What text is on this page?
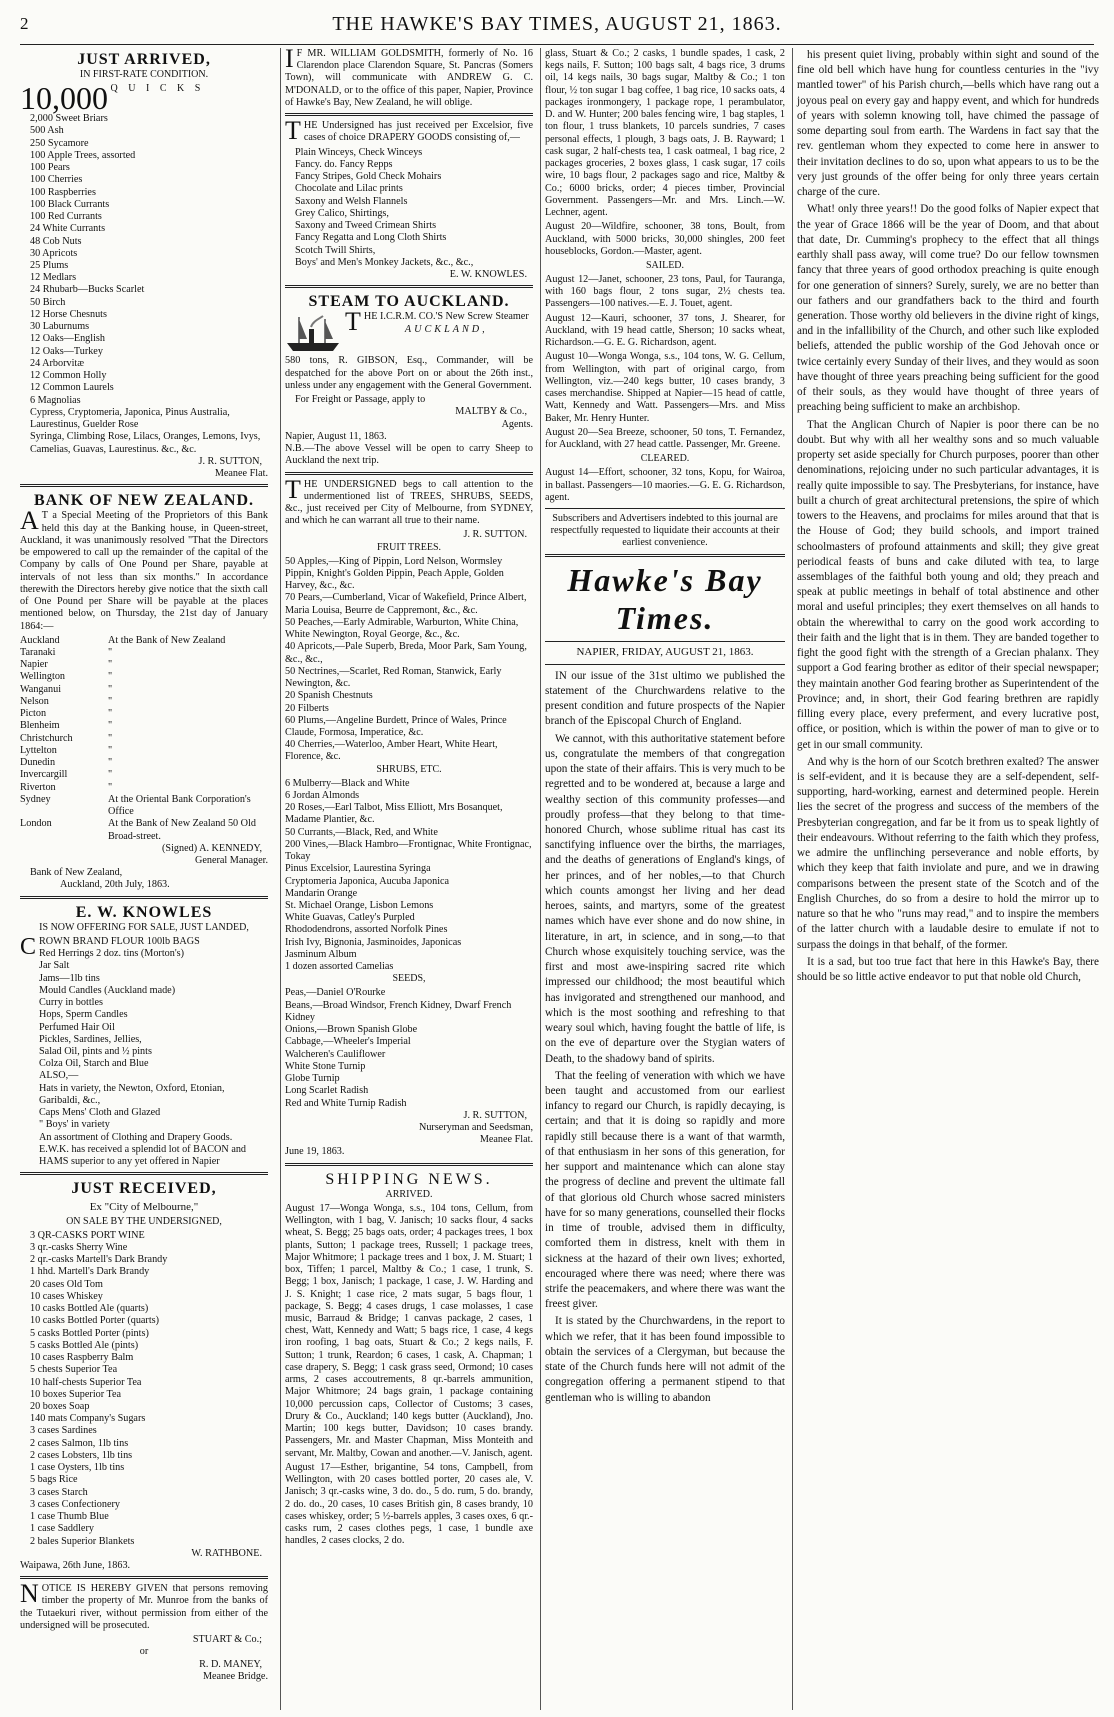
2	THE HAWKE'S BAY TIMES, AUGUST 21, 1863.
JUST ARRIVED,
IN FIRST-RATE CONDITION.
10,000 Q U I C K S
2,000 Sweet Briars
500 Ash
250 Sycamore
100 Apple Trees, assorted
100 Pears
100 Cherries
100 Raspberries
100 Black Currants
100 Red Currants
24 White Currants
48 Cob Nuts
30 Apricots
25 Plums
12 Medlars
24 Rhubarb—Bucks Scarlet
50 Birch
12 Horse Chesnuts
30 Laburnums
12 Oaks—English
12 Oaks—Turkey
24 Arborvitæ
12 Common Holly
12 Common Laurels
6 Magnolias
Cypress, Cryptomeria, Japonica, Pinus Australia, Laurestinus, Guelder Rose
Syringa, Climbing Rose, Lilacs, Oranges, Lemons, Ivys, Camelias, Guavas, Laurestinus. &c., &c.
J. R. SUTTON,
Meanee Flat.
BANK OF NEW ZEALAND.

A T a Special Meeting of the Proprietors of this Bank held this day at the Banking house, in Queen-street, Auckland, it was unanimously resolved "That the Directors be empowered to call up the remainder of the capital of the Company by calls of One Pound per Share, payable at intervals of not less than six months." In accordance therewith the Directors hereby give notice that the sixth call of One Pound per Share will be payable at the places mentioned below, on Thursday, the 21st day of January 1864:—

Auckland	At the Bank of New Zealand
Taranaki	"
Napier	"
Wellington	"
Wanganui	"
Nelson	"
Picton	"
Blenheim	"
Christchurch	"
Lyttelton	"
Dunedin	"
Invercargill	"
Riverton	"
Sydney	At the Oriental Bank Corporation's Office
London	At the Bank of New Zealand 50 Old Broad-street.
(Signed) A. KENNEDY,
General Manager.
Bank of New Zealand,
Auckland, 20th July, 1863.
E. W. KNOWLES
IS NOW OFFERING FOR SALE, JUST LANDED,
C ROWN BRAND FLOUR 100lb BAGS
Red Herrings 2 doz. tins (Morton's)
Jar Salt
Jams—1lb tins
Mould Candles (Auckland made)
Curry in bottles
Hops, Sperm Candles
Perfumed Hair Oil
Pickles, Sardines, Jellies,
Salad Oil, pints and ½ pints
Colza Oil, Starch and Blue
ALSO,—
Hats in variety, the Newton, Oxford, Etonian, Garibaldi, &c.,
Caps Mens' Cloth and Glazed
" Boys' in variety
An assortment of Clothing and Drapery Goods.
E.W.K. has received a splendid lot of BACON and HAMS superior to any yet offered in Napier
JUST RECEIVED,
Ex "City of Melbourne,"
ON SALE BY THE UNDERSIGNED,
3 QR-CASKS PORT WINE
3 qr.-casks Sherry Wine
2 qr.-casks Martell's Dark Brandy
1 hhd. Martell's Dark Brandy
20 cases Old Tom
10 cases Whiskey
10 casks Bottled Ale (quarts)
10 casks Bottled Porter (quarts)
5 casks Bottled Porter (pints)
5 casks Bottled Ale (pints)
10 cases Raspberry Balm
5 chests Superior Tea
10 half-chests Superior Tea
10 boxes Superior Tea
20 boxes Soap
140 mats Company's Sugars
3 cases Sardines
2 cases Salmon, 1lb tins
2 cases Lobsters, 1lb tins
1 case Oysters, 1lb tins
5 bags Rice
3 cases Starch
3 cases Confectionery
1 case Thumb Blue
1 case Saddlery
2 bales Superior Blankets
W. RATHBONE.
Waipawa, 26th June, 1863.

NOTICE IS HEREBY GIVEN that persons removing timber the property of Mr. Munroe from the banks of the Tutaekuri river, without permission from either of the undersigned will be prosecuted.

STUART & Co.;
or
R. D. MANEY,
Meanee Bridge.

I F MR. WILLIAM GOLDSMITH, formerly of No. 16 Clarendon place Clarendon Square, St. Pancras (Somers Town), will communicate with ANDREW G. C. M'DONALD, or to the office of this paper, Napier, Province of Hawke's Bay, New Zealand, he will oblige.

THE Undersigned has just received per Excelsior, five cases of choice DRAPERY GOODS consisting of,—

Plain Winceys, Check Winceys
Fancy. do. Fancy Repps
Fancy Stripes, Gold Check Mohairs
Chocolate and Lilac prints
Saxony and Welsh Flannels
Grey Calico, Shirtings,
Saxony and Tweed Crimean Shirts
Fancy Regatta and Long Cloth Shirts
Scotch Twill Shirts,
Boys' and Men's Monkey Jackets, &c., &c.,
E. W. KNOWLES.
STEAM TO AUCKLAND.
THE I.C.R.M. CO.'S New Screw Steamer
AUCKLAND,

580 tons, R. GIBSON, Esq., Commander, will be despatched for the above Port on or about the 26th inst., unless under any engagement with the General Government.

For Freight or Passage, apply to
MALTBY & Co.,
Agents.
Napier, August 11, 1863.

N.B.—The above Vessel will be open to carry Sheep to Auckland the next trip.

THE UNDERSIGNED begs to call attention to the undermentioned list of TREES, SHRUBS, SEEDS, &c., just received per City of Melbourne, from SYDNEY, and which he can warrant all true to their name.

J. R. SUTTON.
FRUIT TREES.
50 Apples,—King of Pippin, Lord Nelson, Wormsley Pippin, Knight's Golden Pippin, Peach Apple, Golden Harvey, &c., &c.
70 Pears,—Cumberland, Vicar of Wakefield, Prince Albert, Maria Louisa, Beurre de Cappremont, &c., &c.
50 Peaches,—Early Admirable, Warburton, White China, White Newington, Royal George, &c., &c.
40 Apricots,—Pale Superb, Breda, Moor Park, Sam Young, &c., &c.,
50 Nectrines,—Scarlet, Red Roman, Stanwick, Early Newington, &c.
20 Spanish Chestnuts
20 Filberts
60 Plums,—Angeline Burdett, Prince of Wales, Prince Claude, Formosa, Imperatice, &c.
40 Cherries,—Waterloo, Amber Heart, White Heart, Florence, &c.
SHRUBS, ETC.
6 Mulberry—Black and White
6 Jordan Almonds
20 Roses,—Earl Talbot, Miss Elliott, Mrs Bosanquet, Madame Plantier, &c.
50 Currants,—Black, Red, and White
200 Vines,—Black Hambro—Frontignac, White Frontignac, Tokay
Pinus Excelsior, Laurestina Syringa
Cryptomeria Japonica, Aucuba Japonica
Mandarin Orange
St. Michael Orange, Lisbon Lemons
White Guavas, Catley's Purpled
Rhododendrons, assorted Norfolk Pines
Irish Ivy, Bignonia, Jasminoides, Japonicas
Jasminum Album
1 dozen assorted Camelias
SEEDS,
Peas,—Daniel O'Rourke
Beans,—Broad Windsor, French Kidney, Dwarf French Kidney
Onions,—Brown Spanish Globe
Cabbage,—Wheeler's Imperial
Walcheren's Cauliflower
White Stone Turnip
Globe Turnip
Long Scarlet Radish
Red and White Turnip Radish
J. R. SUTTON,
Nurseryman and Seedsman,
Meanee Flat.
June 19, 1863.
SHIPPING NEWS.
ARRIVED.

August 17—Wonga Wonga, s.s., 104 tons, Cellum, from Wellington, with 1 bag, V. Janisch; 10 sacks flour, 4 sacks wheat, S. Begg; 25 bags oats, order; 4 packages trees, 1 box plants, Sutton; 1 package trees, Russell; 1 package trees, Major Whitmore; 1 package trees and 1 box, J. M. Stuart; 1 box, Tiffen; 1 parcel, Maltby & Co.; 1 case, 1 trunk, S. Begg; 1 box, Janisch; 1 package, 1 case, J. W. Harding and J. S. Knight; 1 case rice, 2 mats sugar, 5 bags flour, 1 package, S. Begg; 4 cases drugs, 1 case molasses, 1 case music, Barraud & Bridge; 1 canvas package, 2 cases, 1 chest, Watt, Kennedy and Watt; 5 bags rice, 1 case, 4 kegs iron roofing, 1 bag oats, Stuart & Co.; 2 kegs nails, F. Sutton; 1 trunk, Reardon; 6 cases, 1 cask, A. Chapman; 1 case drapery, S. Begg; 1 cask grass seed, Ormond; 10 cases arms, 2 cases accoutrements, 8 qr.-barrels ammunition, Major Whitmore; 24 bags grain, 1 package containing 10,000 percussion caps, Collector of Customs; 3 cases, Drury & Co., Auckland; 140 kegs butter (Auckland), Jno. Martin; 100 kegs butter, Davidson; 10 cases brandy. Passengers, Mr. and Master Chapman, Miss Monteith and servant, Mr. Maltby, Cowan and another.—V. Janisch, agent.

August 17—Esther, brigantine, 54 tons, Campbell, from Wellington, with 20 cases bottled porter, 20 cases ale, V. Janisch; 3 qr.-casks wine, 3 do. do., 5 do. rum, 5 do. brandy, 2 do. do., 20 cases, 10 cases British gin, 8 cases brandy, 10 cases whiskey, order; 5 ½-barrels apples, 3 cases oxes, 6 qr.-casks rum, 2 cases clothes pegs, 1 case, 1 bundle axe handles, 2 cases clocks, 2 do.

glass, Stuart & Co.; 2 casks, 1 bundle spades, 1 cask, 2 kegs nails, F. Sutton; 100 bags salt, 4 bags rice, 3 drums oil, 14 kegs nails, 30 bags sugar, Maltby & Co.; 1 ton flour, ½ ton sugar 1 bag coffee, 1 bag rice, 10 sacks oats, 4 packages ironmongery, 1 package rope, 1 perambulator, D. and W. Hunter; 200 bales fencing wire, 1 bag staples, 1 ton flour, 1 truss blankets, 10 parcels sundries, 7 cases personal effects, 1 plough, 3 bags oats, J. B. Rayward; 1 cask sugar, 2 half-chests tea, 1 cask oatmeal, 1 bag rice, 2 packages groceries, 2 boxes glass, 1 cask sugar, 17 coils wire, 10 bags flour, 2 packages sago and rice, Maltby & Co.; 6000 bricks, order; 4 pieces timber, Provincial Government. Passengers—Mr. and Mrs. Linch.—W. Lechner, agent.

August 20—Wildfire, schooner, 38 tons, Boult, from Auckland, with 5000 bricks, 30,000 shingles, 200 feet houseblocks, Gordon.—Master, agent.

SAILED.

August 12—Janet, schooner, 23 tons, Paul, for Tauranga, with 160 bags flour, 2 tons sugar, 2½ chests tea. Passengers—100 natives.—E. J. Touet, agent.

August 12—Kauri, schooner, 37 tons, J. Shearer, for Auckland, with 19 head cattle, Sherson; 10 sacks wheat, Richardson.—G. E. G. Richardson, agent.

August 10—Wonga Wonga, s.s., 104 tons, W. G. Cellum, from Wellington, with part of original cargo, from Wellington, viz.—240 kegs butter, 10 cases brandy, 3 cases merchandise. Shipped at Napier—15 head of cattle, Watt, Kennedy and Watt. Passengers—Mrs. and Miss Baker, Mr. Henry Hunter.

August 20—Sea Breeze, schooner, 50 tons, T. Fernandez, for Auckland, with 27 head cattle. Passenger, Mr. Greene.

CLEARED.

August 14—Effort, schooner, 32 tons, Kopu, for Wairoa, in ballast. Passengers—10 maories.—G. E. G. Richardson, agent.

Subscribers and Advertisers indebted to this journal are respectfully requested to liquidate their accounts at their earliest convenience.

Hawke's Bay Times.
NAPIER, FRIDAY, AUGUST 21, 1863.

IN our issue of the 31st ultimo we published the statement of the Churchwardens relative to the present condition and future prospects of the Napier branch of the Episcopal Church of England.

We cannot, with this authoritative statement before us, congratulate the members of that congregation upon the state of their affairs. This is very much to be regretted and to be wondered at, because a large and wealthy section of this community professes—and proudly profess—that they belong to that time-honored Church, whose sublime ritual has cast its sanctifying influence over the births, the marriages, and the deaths of generations of England's kings, of her princes, and of her nobles,—to that Church which counts amongst her living and her dead heroes, saints, and martyrs, some of the greatest names which have ever shone and do now shine, in literature, in art, in science, and in song,—to that Church whose exquisitely touching service, was the first and most awe-inspiring sacred rite which impressed our childhood; the most beautiful which has invigorated and strengthened our manhood, and which is the most soothing and refreshing to that weary soul which, having fought the battle of life, is on the eve of departure over the Stygian waters of Death, to the shadowy band of spirits.

That the feeling of veneration with which we have been taught and accustomed from our earliest infancy to regard our Church, is rapidly decaying, is certain; and that it is doing so rapidly and more rapidly still because there is a want of that warmth, of that enthusiasm in her sons of this generation, for her support and maintenance which can alone stay the progress of decline and prevent the ultimate fall of that glorious old Church whose sacred ministers have for so many generations, counselled their flocks in time of trouble, advised them in difficulty, comforted them in distress, knelt with them in sickness at the hazard of their own lives; exhorted, encouraged where there was need; where there was strife the peacemakers, and where there was want the freest giver.

It is stated by the Churchwardens, in the report to which we refer, that it has been found impossible to obtain the services of a Clergyman, but because the state of the Church funds here will not admit of the congregation offering a permanent stipend to that gentleman who is willing to abandon

his present quiet living, probably within sight and sound of the fine old bell which have hung for countless centuries in the "ivy mantled tower" of his Parish church,—bells which have rang out a joyous peal on every gay and happy event, and which for hundreds of years with solemn knowing toll, have chimed the passage of some departing soul from earth. The Wardens in fact say that the rev. gentleman whom they expected to come here in answer to their invitation declines to do so, upon what appears to us to be the very just grounds of the offer being for only three years certain charge of the cure.

What! only three years!! Do the good folks of Napier expect that the year of Grace 1866 will be the year of Doom, and that about that date, Dr. Cumming's prophecy to the effect that all things earthly shall pass away, will come true? Do our fellow townsmen fancy that three years of good orthodox preaching is quite enough for one generation of sinners? Surely, surely, we are no better than our fathers and our grandfathers back to the third and fourth generation. Those worthy old believers in the divine right of kings, and in the infallibility of the Church, and other such like exploded beliefs, attended the public worship of the God Jehovah once or twice certainly every Sunday of their lives, and they would as soon have thought of three years preaching being sufficient for the good of their souls, as they would have thought of three years of preaching being sufficient to make an archbishop.

That the Anglican Church of Napier is poor there can be no doubt. But why with all her wealthy sons and so much valuable property set aside specially for Church purposes, poorer than other denominations, rejoicing under no such particular advantages, it is really quite impossible to say. The Presbyterians, for instance, have built a church of great architectural pretensions, the spire of which towers to the Heavens, and proclaims for miles around that that is the House of God; they build schools, and import trained schoolmasters of profound attainments and skill; they give great periodical feasts of buns and cake diluted with tea, to large assemblages of the faithful both young and old; they preach and speak at public meetings in behalf of total abstinence and other moral and useful principles; they exert themselves on all hands to obtain the wherewithal to carry on the good work according to their faith and the light that is in them. They are banded together to fight the good fight with the strength of a Grecian phalanx. They support a God fearing brother as editor of their special newspaper; they maintain another God fearing brother as Superintendent of the Province; and, in short, their God fearing brethren are rapidly filling every place, every preferment, and every lucrative post, office, or position, which is within the power of man to give or to get in our small community.

And why is the horn of our Scotch brethren exalted? The answer is self-evident, and it is because they are a self-dependent, self-supporting, hard-working, earnest and determined people. Herein lies the secret of the progress and success of the members of the Presbyterian congregation, and far be it from us to speak lightly of their endeavours. Without referring to the faith which they profess, we admire the unflinching perseverance and noble efforts, by which they keep that faith inviolate and pure, and we in drawing comparisons between the present state of the Scotch and of the English Churches, do so from a desire to hold the mirror up to nature so that he who "runs may read," and to inspire the members of the latter church with a laudable desire to emulate if not to surpass the doings in that behalf, of the former.

It is a sad, but too true fact that here in this Hawke's Bay, there should be so little active endeavor to put that noble old Church,
